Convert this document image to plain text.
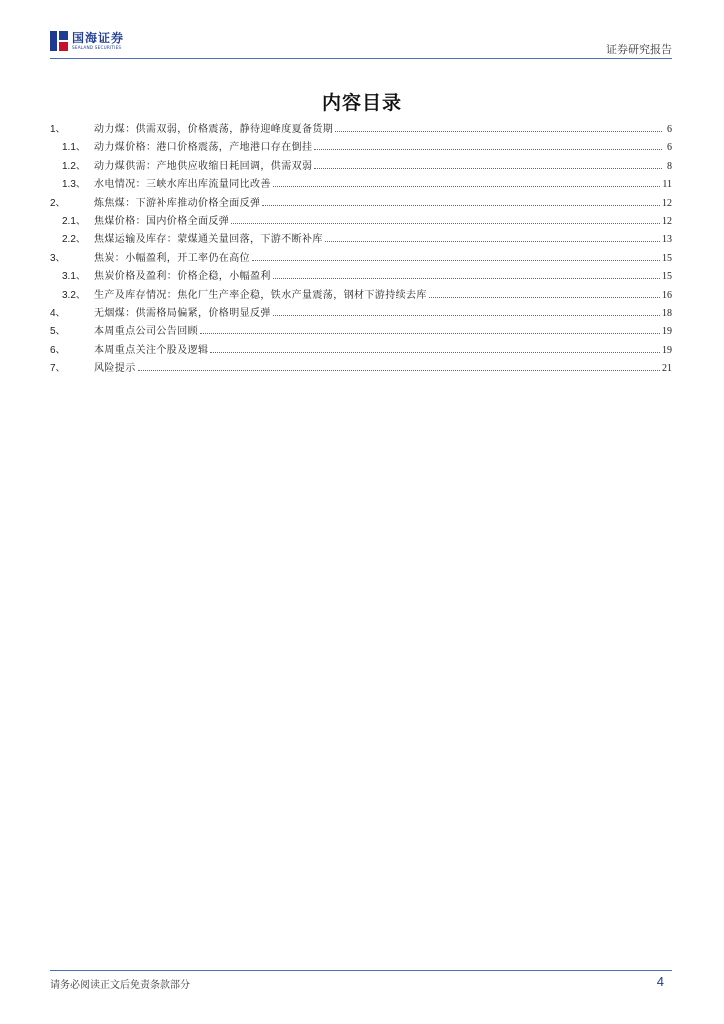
国海证券
SEALAND SECURITIES	证券研究报告
内容目录
1、	动力煤：供需双弱，价格震荡，静待迎峰度夏备货期	6
1.1、 动力煤价格：港口价格震荡，产地港口存在倒挂	6
1.2、 动力煤供需：产地供应收缩日耗回调，供需双弱	8
1.3、 水电情况：三峡水库出库流量同比改善	11
2、	炼焦煤：下游补库推动价格全面反弹	12
2.1、 焦煤价格：国内价格全面反弹	12
2.2、 焦煤运输及库存：蒙煤通关量回落，下游不断补库	13
3、	焦炭：小幅盈利，开工率仍在高位	15
3.1、 焦炭价格及盈利：价格企稳，小幅盈利	15
3.2、 生产及库存情况：焦化厂生产率企稳，铁水产量震荡，钢材下游持续去库	16
4、	无烟煤：供需格局偏紧，价格明显反弹	18
5、	本周重点公司公告回顾	19
6、	本周重点关注个股及逻辑	19
7、	风险提示	21
请务必阅读正文后免责条款部分	4
